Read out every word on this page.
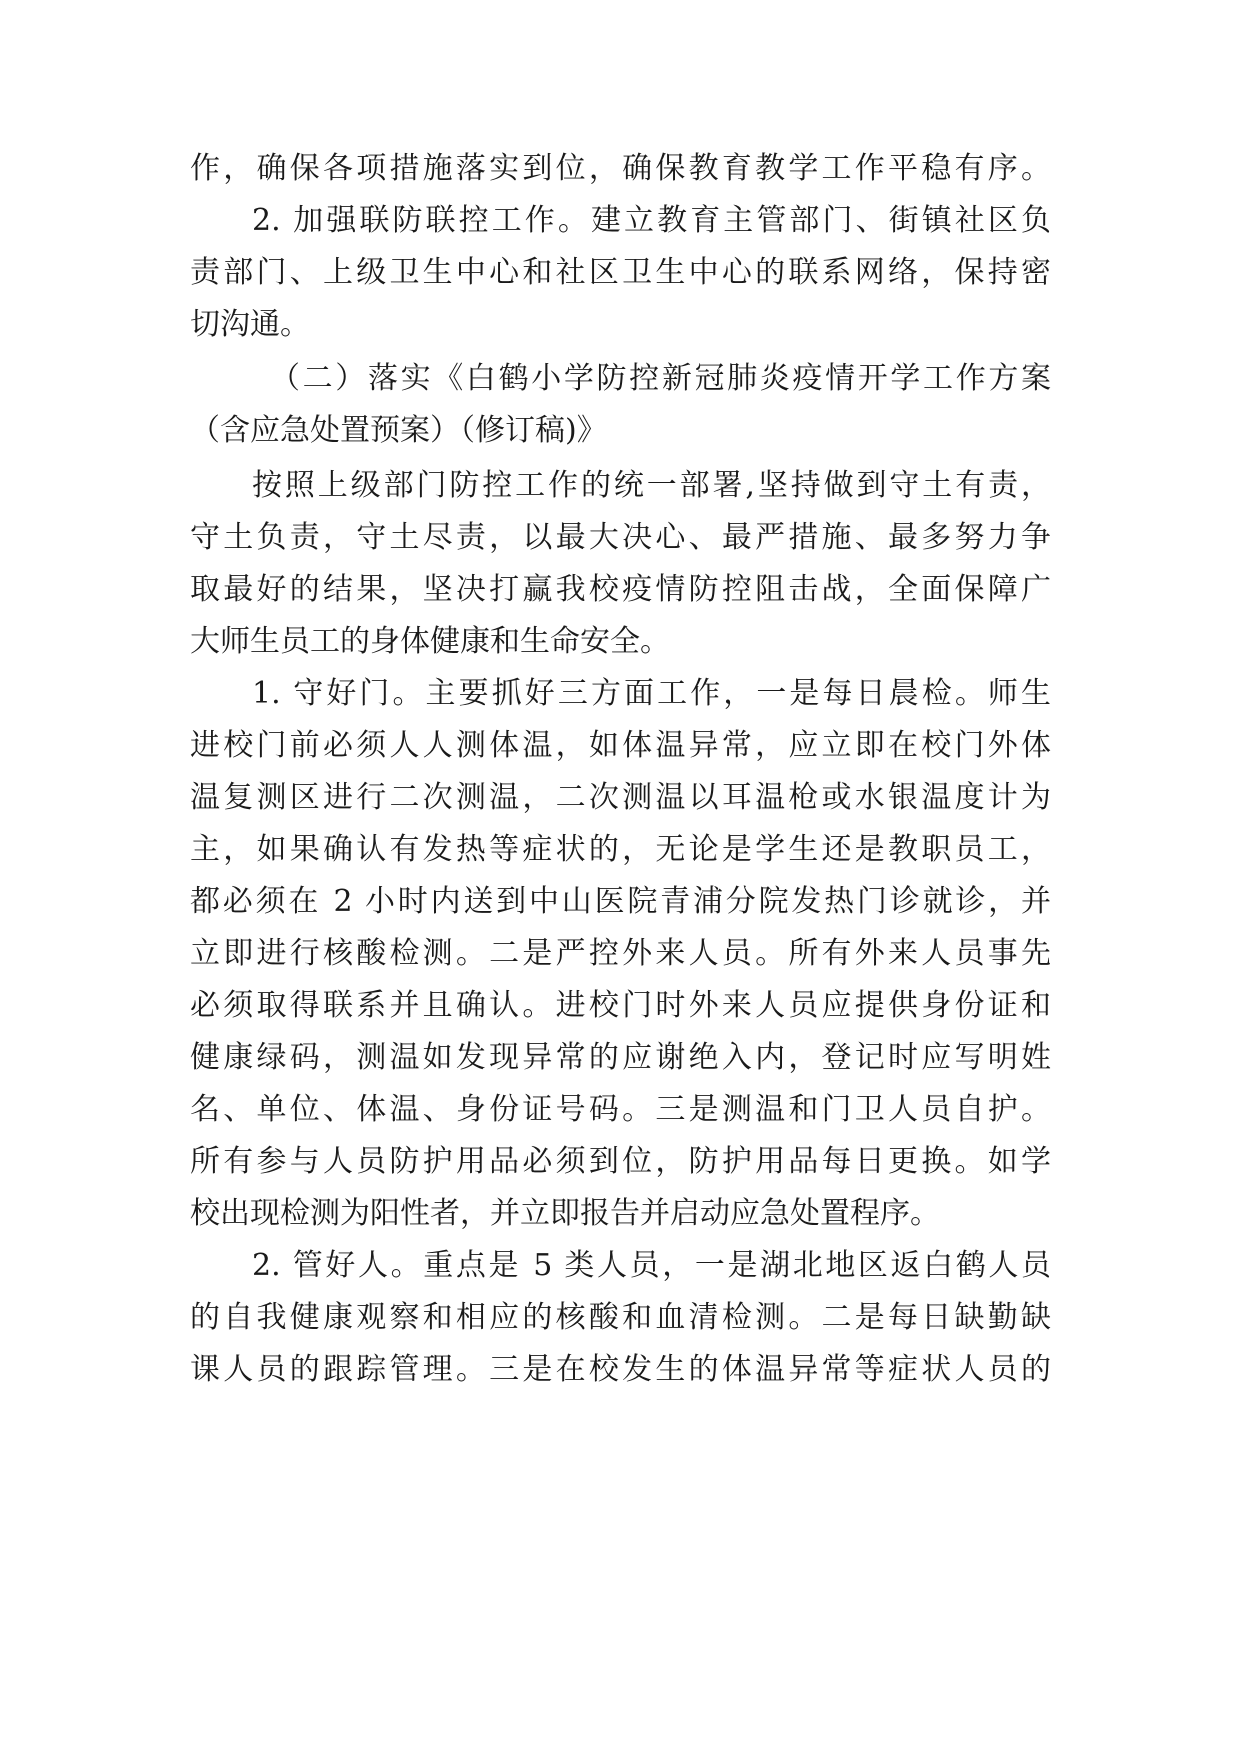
作，确保各项措施落实到位，确保教育教学工作平稳有序。
2. 加强联防联控工作。建立教育主管部门、街镇社区负
责部门、上级卫生中心和社区卫生中心的联系网络，保持密
切沟通。
（二）落实《白鹤小学防控新冠肺炎疫情开学工作方案
（含应急处置预案）（修订稿)》
按照上级部门防控工作的统一部署,坚持做到守土有责，
守土负责，守土尽责，以最大决心、最严措施、最多努力争
取最好的结果，坚决打赢我校疫情防控阻击战，全面保障广
大师生员工的身体健康和生命安全。
1. 守好门。主要抓好三方面工作，一是每日晨检。师生
进校门前必须人人测体温，如体温异常，应立即在校门外体
温复测区进行二次测温，二次测温以耳温枪或水银温度计为
主，如果确认有发热等症状的，无论是学生还是教职员工，
都必须在 2 小时内送到中山医院青浦分院发热门诊就诊，并
立即进行核酸检测。二是严控外来人员。所有外来人员事先
必须取得联系并且确认。进校门时外来人员应提供身份证和
健康绿码，测温如发现异常的应谢绝入内，登记时应写明姓
名、单位、体温、身份证号码。三是测温和门卫人员自护。
所有参与人员防护用品必须到位，防护用品每日更换。如学
校出现检测为阳性者，并立即报告并启动应急处置程序。
2. 管好人。重点是 5 类人员，一是湖北地区返白鹤人员
的自我健康观察和相应的核酸和血清检测。二是每日缺勤缺
课人员的跟踪管理。三是在校发生的体温异常等症状人员的
